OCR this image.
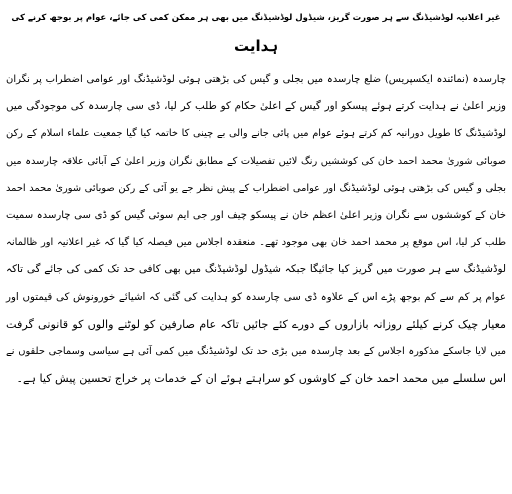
غیر اعلانیہ لوڈشیڈنگ سے ہر صورت گریز، شیڈول لوڈشیڈنگ میں بھی ہر ممکن کمی کی جائے، عوام پر بوجھ کرنے کی
ہدایت
چارسدہ (نمائندہ ایکسپریس) ضلع چارسدہ میں بجلی و گیس کی بڑھتی ہوئی لوڈشیڈنگ اور عوامی اضطراب پر نگران
وزیر اعلیٰ نے ہدایت کرتے ہوئے پیسکو اور گیس کے اعلیٰ حکام کو طلب کر لیا، ڈی سی چارسدہ کی موجودگی میں
لوڈشیڈنگ کا طویل دورانیہ کم کرتے ہوئے عوام میں پائی جانے والی بے چینی کا خاتمہ کیا گیا جمعیت علماء اسلام کے رکن
صوبائی شوریٰ محمد احمد خان کی کوششیں رنگ لائیں تفصیلات کے مطابق نگران وزیر اعلیٰ کے آبائی علاقہ چارسدہ میں
بجلی و گیس کی بڑھتی ہوئی لوڈشیڈنگ اور عوامی اضطراب کے پیش نظر جے یو آئی کے رکن صوبائی شوریٰ محمد احمد
خان کے کوششوں سے نگران وزیر اعلیٰ اعظم خان نے پیسکو چیف اور جی ایم سوئی گیس کو ڈی سی چارسدہ سمیت
طلب کر لیا، اس موقع پر محمد احمد خان بھی موجود تھے۔ منعقدہ اجلاس میں فیصلہ کیا گیا کہ غیر اعلانیہ اور ظالمانہ
لوڈشیڈنگ سے ہر صورت میں گریز کیا جائیگا جبکہ شیڈول لوڈشیڈنگ میں بھی کافی حد تک کمی کی جائے گی تاکہ
عوام پر کم سے کم بوجھ پڑے اس کے علاوہ ڈی سی چارسدہ کو ہدایت کی گئی کہ اشیائے خورونوش کی قیمتوں اور
معیار چیک کرنے کیلئے روزانہ بازاروں کے دورے کئے جائیں تاکہ عام صارفین کو لوٹنے والوں کو قانونی گرفت
میں لایا جاسکے مذکورہ اجلاس کے بعد چارسدہ میں بڑی حد تک لوڈشیڈنگ میں کمی آئی ہے سیاسی وسماجی حلقوں نے
اس سلسلے میں محمد احمد خان کے کاوشوں کو سراہتے ہوئے ان کے خدمات پر خراج تحسین پیش کیا ہے۔
